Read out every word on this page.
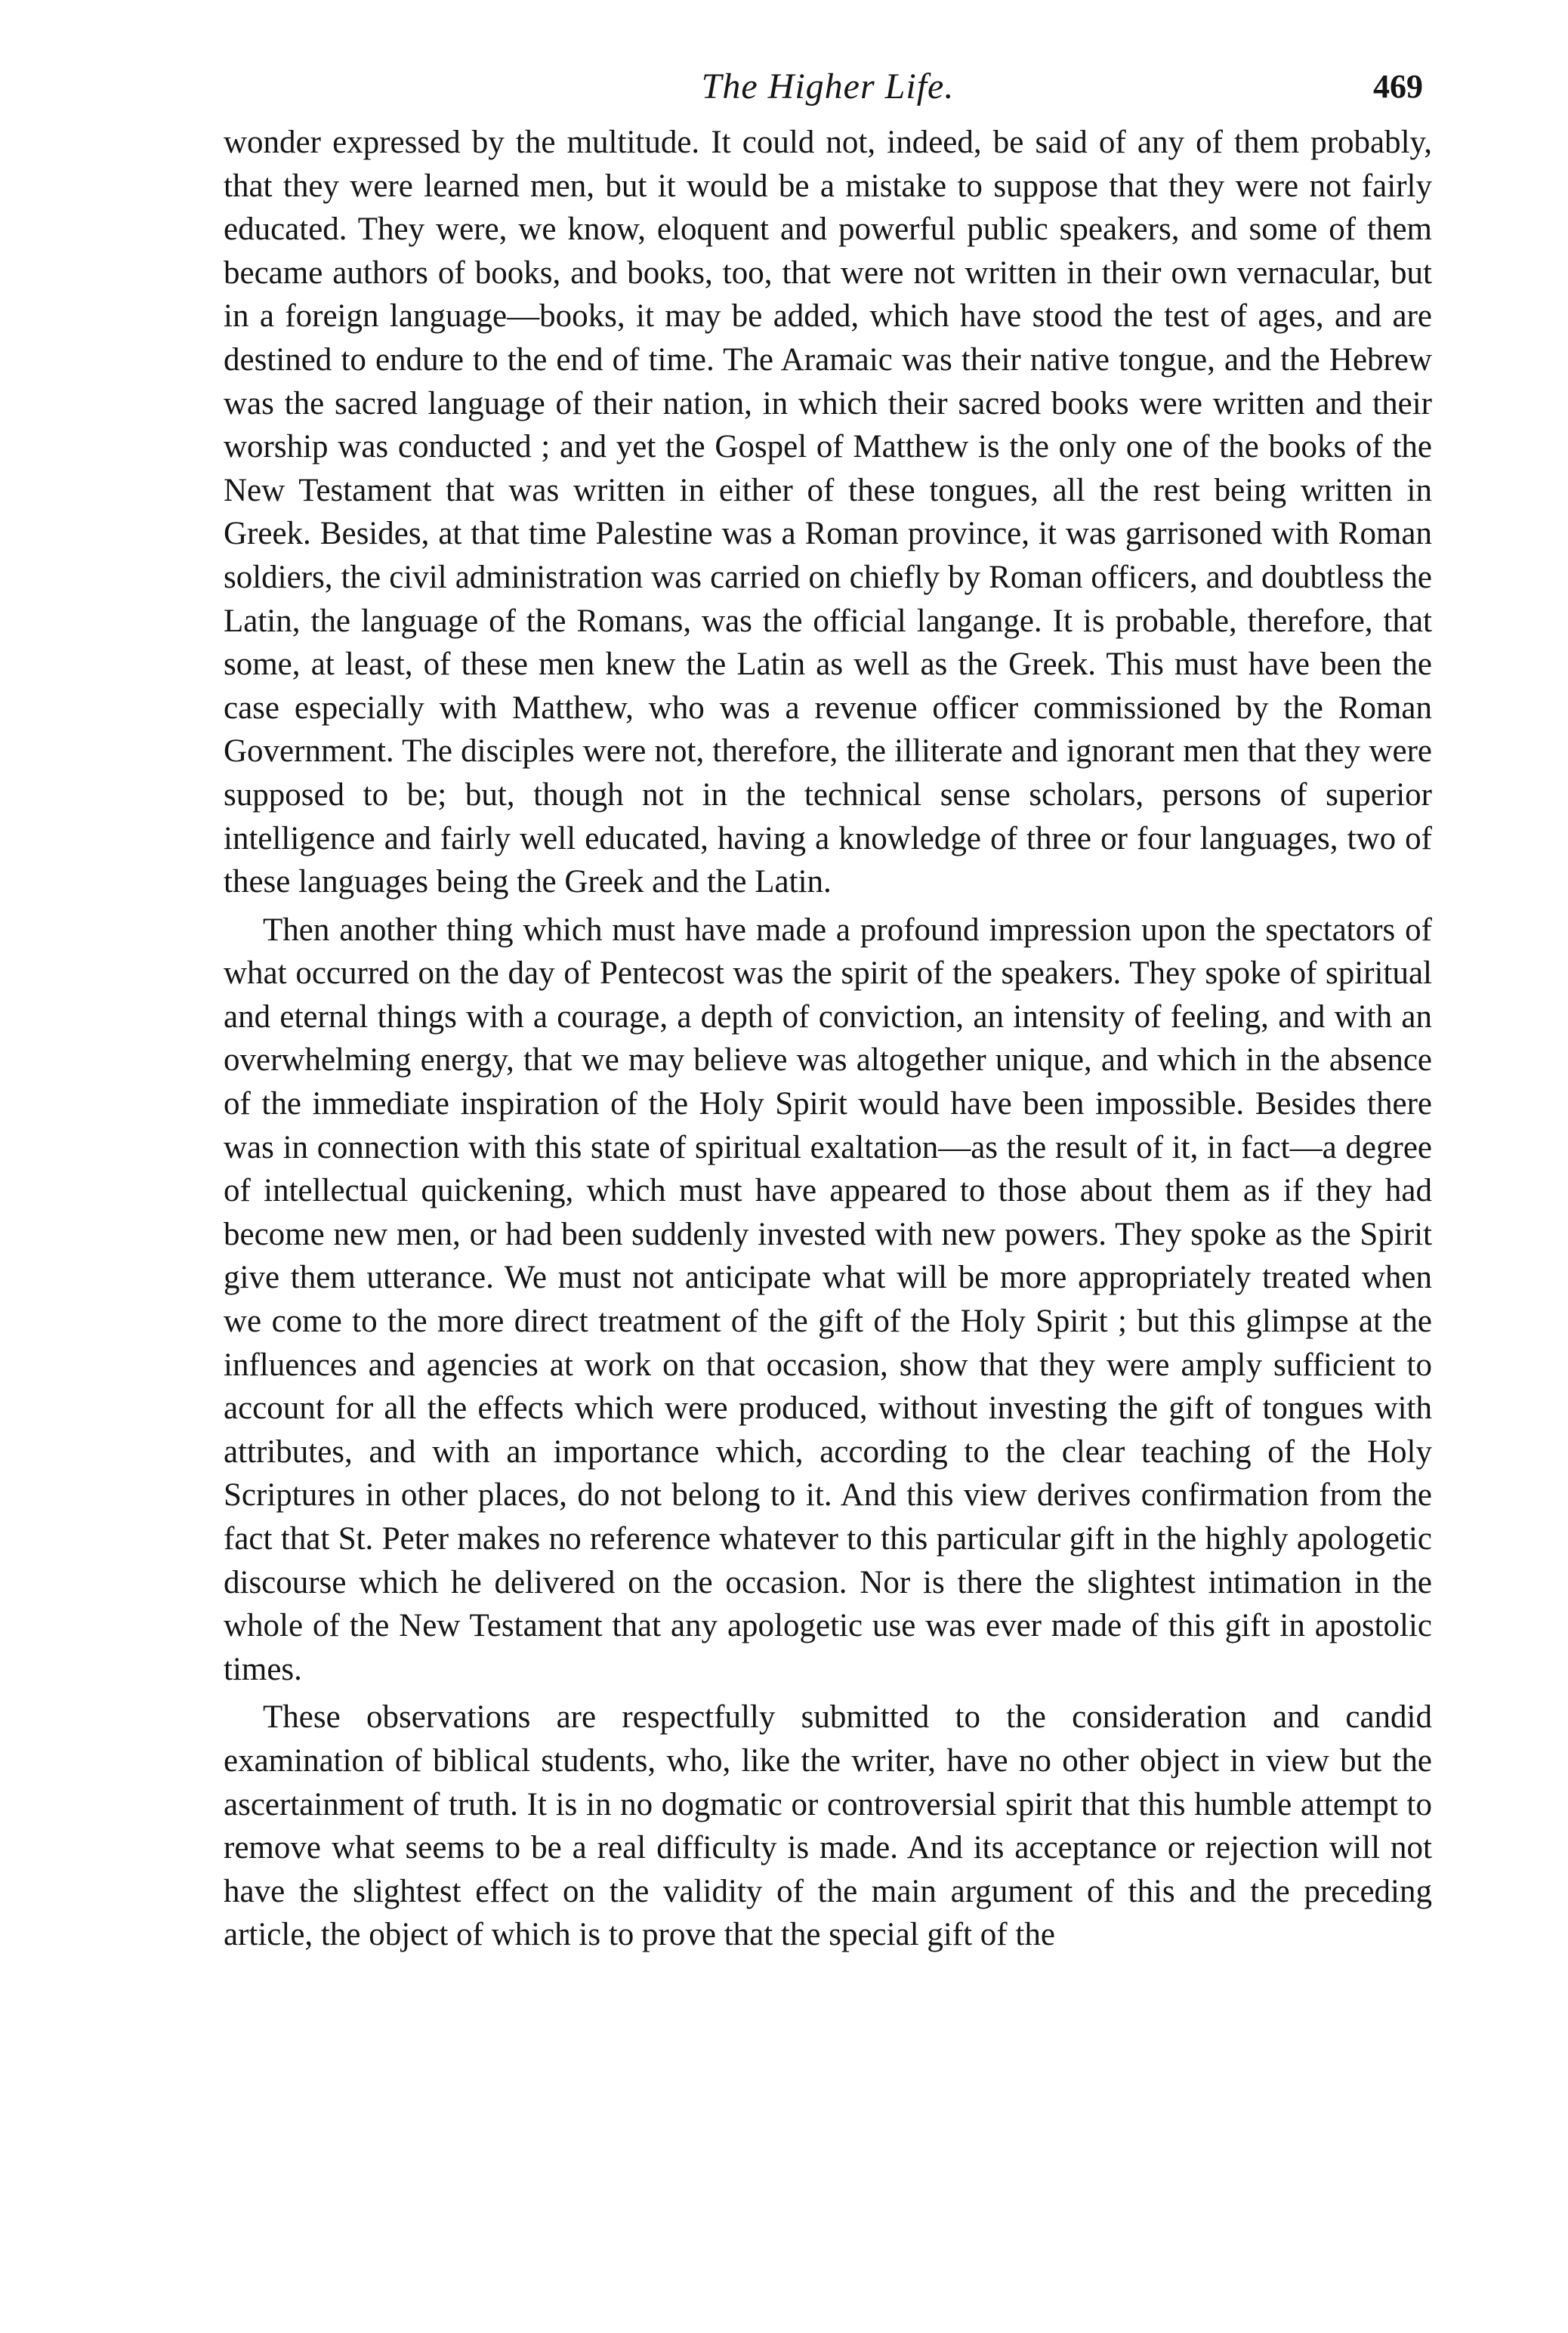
The Higher Life.	469

wonder expressed by the multitude. It could not, indeed, be said of any of them probably, that they were learned men, but it would be a mistake to suppose that they were not fairly educated. They were, we know, eloquent and powerful public speakers, and some of them became authors of books, and books, too, that were not written in their own vernacular, but in a foreign language—books, it may be added, which have stood the test of ages, and are destined to endure to the end of time. The Aramaic was their native tongue, and the Hebrew was the sacred language of their nation, in which their sacred books were written and their worship was conducted ; and yet the Gospel of Matthew is the only one of the books of the New Testament that was written in either of these tongues, all the rest being written in Greek. Besides, at that time Palestine was a Roman province, it was garrisoned with Roman soldiers, the civil administration was carried on chiefly by Roman officers, and doubtless the Latin, the language of the Romans, was the official langange. It is probable, therefore, that some, at least, of these men knew the Latin as well as the Greek. This must have been the case especially with Matthew, who was a revenue officer commissioned by the Roman Government. The disciples were not, therefore, the illiterate and ignorant men that they were supposed to be; but, though not in the technical sense scholars, persons of superior intelligence and fairly well educated, having a knowledge of three or four languages, two of these languages being the Greek and the Latin.

Then another thing which must have made a profound impression upon the spectators of what occurred on the day of Pentecost was the spirit of the speakers. They spoke of spiritual and eternal things with a courage, a depth of conviction, an intensity of feeling, and with an overwhelming energy, that we may believe was altogether unique, and which in the absence of the immediate inspiration of the Holy Spirit would have been impossible. Besides there was in connection with this state of spiritual exaltation—as the result of it, in fact—a degree of intellectual quickening, which must have appeared to those about them as if they had become new men, or had been suddenly invested with new powers. They spoke as the Spirit give them utterance. We must not anticipate what will be more appropriately treated when we come to the more direct treatment of the gift of the Holy Spirit ; but this glimpse at the influences and agencies at work on that occasion, show that they were amply sufficient to account for all the effects which were produced, without investing the gift of tongues with attributes, and with an importance which, according to the clear teaching of the Holy Scriptures in other places, do not belong to it. And this view derives confirmation from the fact that St. Peter makes no reference whatever to this particular gift in the highly apologetic discourse which he delivered on the occasion. Nor is there the slightest intimation in the whole of the New Testament that any apologetic use was ever made of this gift in apostolic times.

These observations are respectfully submitted to the consideration and candid examination of biblical students, who, like the writer, have no other object in view but the ascertainment of truth. It is in no dogmatic or controversial spirit that this humble attempt to remove what seems to be a real difficulty is made. And its acceptance or rejection will not have the slightest effect on the validity of the main argument of this and the preceding article, the object of which is to prove that the special gift of the
